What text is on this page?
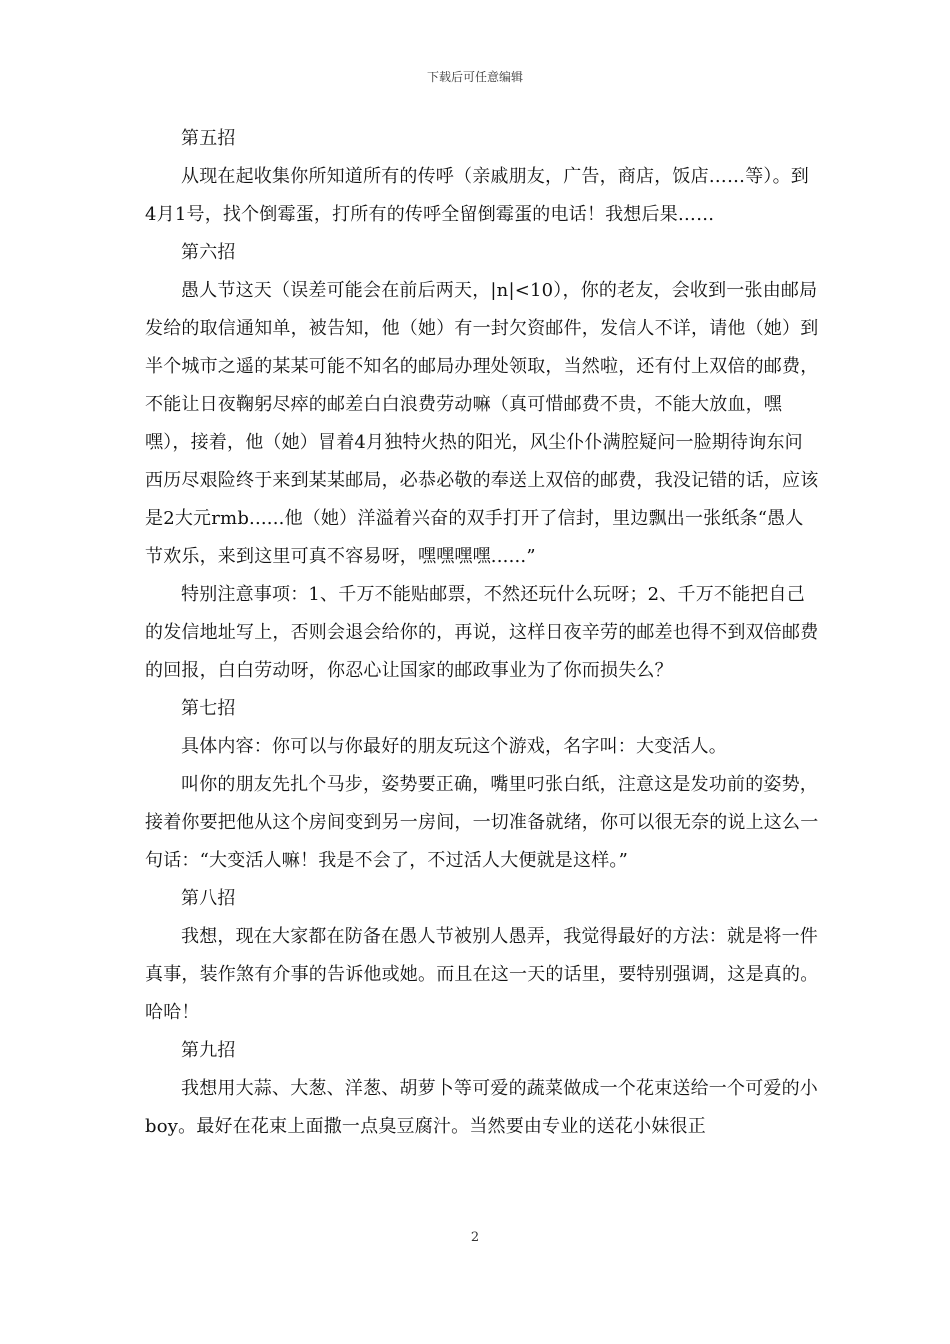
下载后可任意编辑

第五招

从现在起收集你所知道所有的传呼（亲戚朋友，广告，商店，饭店……等）。到4月1号，找个倒霉蛋，打所有的传呼全留倒霉蛋的电话！我想后果……

第六招

愚人节这天（误差可能会在前后两天，|n|<10），你的老友，会收到一张由邮局发给的取信通知单，被告知，他（她）有一封欠资邮件，发信人不详，请他（她）到半个城市之遥的某某可能不知名的邮局办理处领取，当然啦，还有付上双倍的邮费，不能让日夜鞠躬尽瘁的邮差白白浪费劳动嘛（真可惜邮费不贵，不能大放血，嘿嘿），接着，他（她）冒着4月独特火热的阳光，风尘仆仆满腔疑问一脸期待询东问西历尽艰险终于来到某某邮局，必恭必敬的奉送上双倍的邮费，我没记错的话，应该是2大元rmb......他（她）洋溢着兴奋的双手打开了信封，里边飘出一张纸条“愚人节欢乐，来到这里可真不容易呀，嘿嘿嘿嘿......”

特别注意事项：1、千万不能贴邮票，不然还玩什么玩呀；2、千万不能把自己的发信地址写上，否则会退会给你的，再说，这样日夜辛劳的邮差也得不到双倍邮费的回报，白白劳动呀，你忍心让国家的邮政事业为了你而损失么？

第七招

具体内容：你可以与你最好的朋友玩这个游戏，名字叫：大变活人。

叫你的朋友先扎个马步，姿势要正确，嘴里叼张白纸，注意这是发功前的姿势，接着你要把他从这个房间变到另一房间，一切准备就绪，你可以很无奈的说上这么一句话：“大变活人嘛！我是不会了，不过活人大便就是这样。”

第八招

我想，现在大家都在防备在愚人节被别人愚弄，我觉得最好的方法：就是将一件真事，装作煞有介事的告诉他或她。而且在这一天的话里，要特别强调，这是真的。哈哈！

第九招

我想用大蒜、大葱、洋葱、胡萝卜等可爱的蔬菜做成一个花束送给一个可爱的小boy。最好在花束上面撒一点臭豆腐汁。当然要由专业的送花小妹很正

2
